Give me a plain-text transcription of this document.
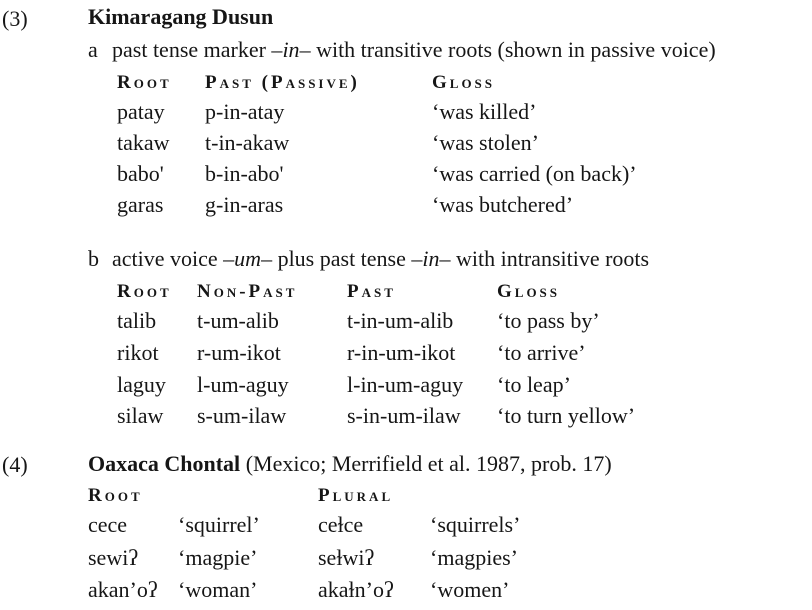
(3)	Kimaragang Dusun
a past tense marker –in– with transitive roots (shown in passive voice)
Root	Past (Passive)	Gloss
patay	p-in-atay	‘was killed’
takaw	t-in-akaw	‘was stolen’
babo'	b-in-abo'	‘was carried (on back)’
garas	g-in-aras	‘was butchered’
b active voice –um– plus past tense –in– with intransitive roots
Root	Non-Past	Past	Gloss
talib	t-um-alib	t-in-um-alib	‘to pass by’
rikot	r-um-ikot	r-in-um-ikot	‘to arrive’
laguy	l-um-aguy	l-in-um-aguy	‘to leap’
silaw	s-um-ilaw	s-in-um-ilaw	‘to turn yellow’
(4)	Oaxaca Chontal (Mexico; Merrifield et al. 1987, prob. 17)
Root	Plural
cece	‘squirrel’	ceɫce	‘squirrels’
sewiʔ	‘magpie’	seɫwiʔ	‘magpies’
akan’oʔ ‘woman’	akaɫn’oʔ	‘women’
